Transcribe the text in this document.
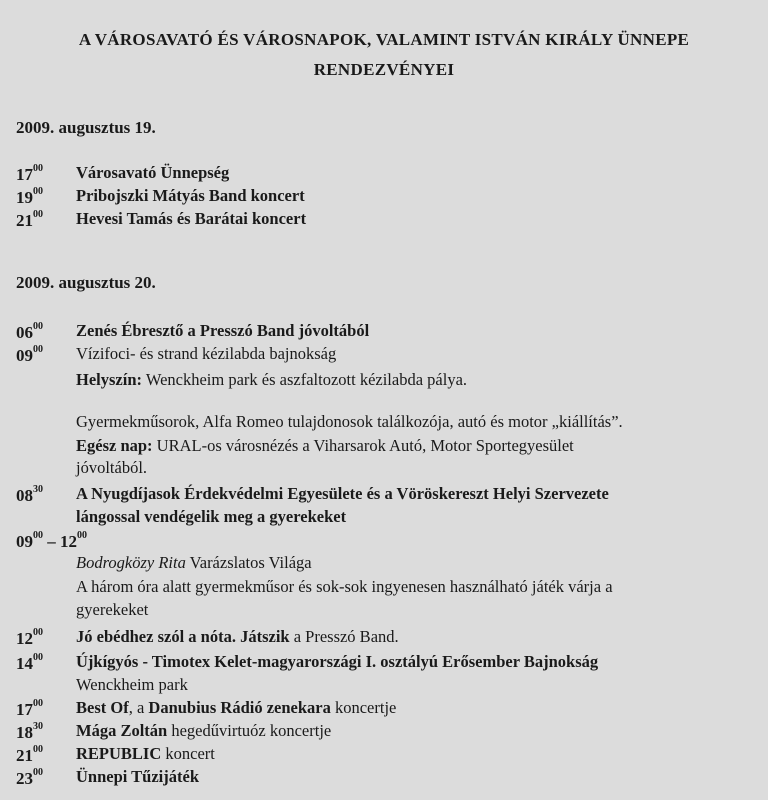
A VÁROSAVATÓ ÉS VÁROSNAPOK, VALAMINT ISTVÁN KIRÁLY ÜNNEPE
RENDEZVÉNYEI
2009. augusztus 19.
$17^{00}$ Városavató Ünnepség
$19^{00}$ Pribojszki Mátyás Band koncert
$21^{00}$ Hevesi Tamás és Barátai koncert
2009. augusztus 20.
$06^{00}$ Zenés Ébresztő a Presszó Band jóvoltából
$09^{00}$ Vízifoci- és strand kézilabda bajnokság
Helyszín: Wenckheim park és aszfaltozott kézilabda pálya.
Gyermekműsorok, Alfa Romeo tulajdonosok találkozója, autó és motor „kiállítás”.
Egész nap: URAL-os városnézés a Viharsarok Autó, Motor Sportegyesület
jóvoltából.
$08^{30}$ A Nyugdíjasok Érdekvédelmi Egyesülete és a Vöröskereszt Helyi Szervezete
lángossal vendégelik meg a gyerekeket
$09^{00} - 12^{00}$
Bodrogközy Rita Varázslatos Világa
A három óra alatt gyermekműsor és sok-sok ingyenesen használható játék várja a
gyerekeket
$12^{00}$ Jó ebédhez szól a nóta. Játszik a Presszó Band.
$14^{00}$ Újkígyós - Timotex Kelet-magyarországi I. osztályú Erősember Bajnokság
Wenckheim park
$17^{00}$ Best Of, a Danubius Rádió zenekara koncertje
$18^{30}$ Mága Zoltán hegedűvirtuóz koncertje
$21^{00}$ REPUBLIC koncert
$23^{00}$ Ünnepi Tűzijáték
